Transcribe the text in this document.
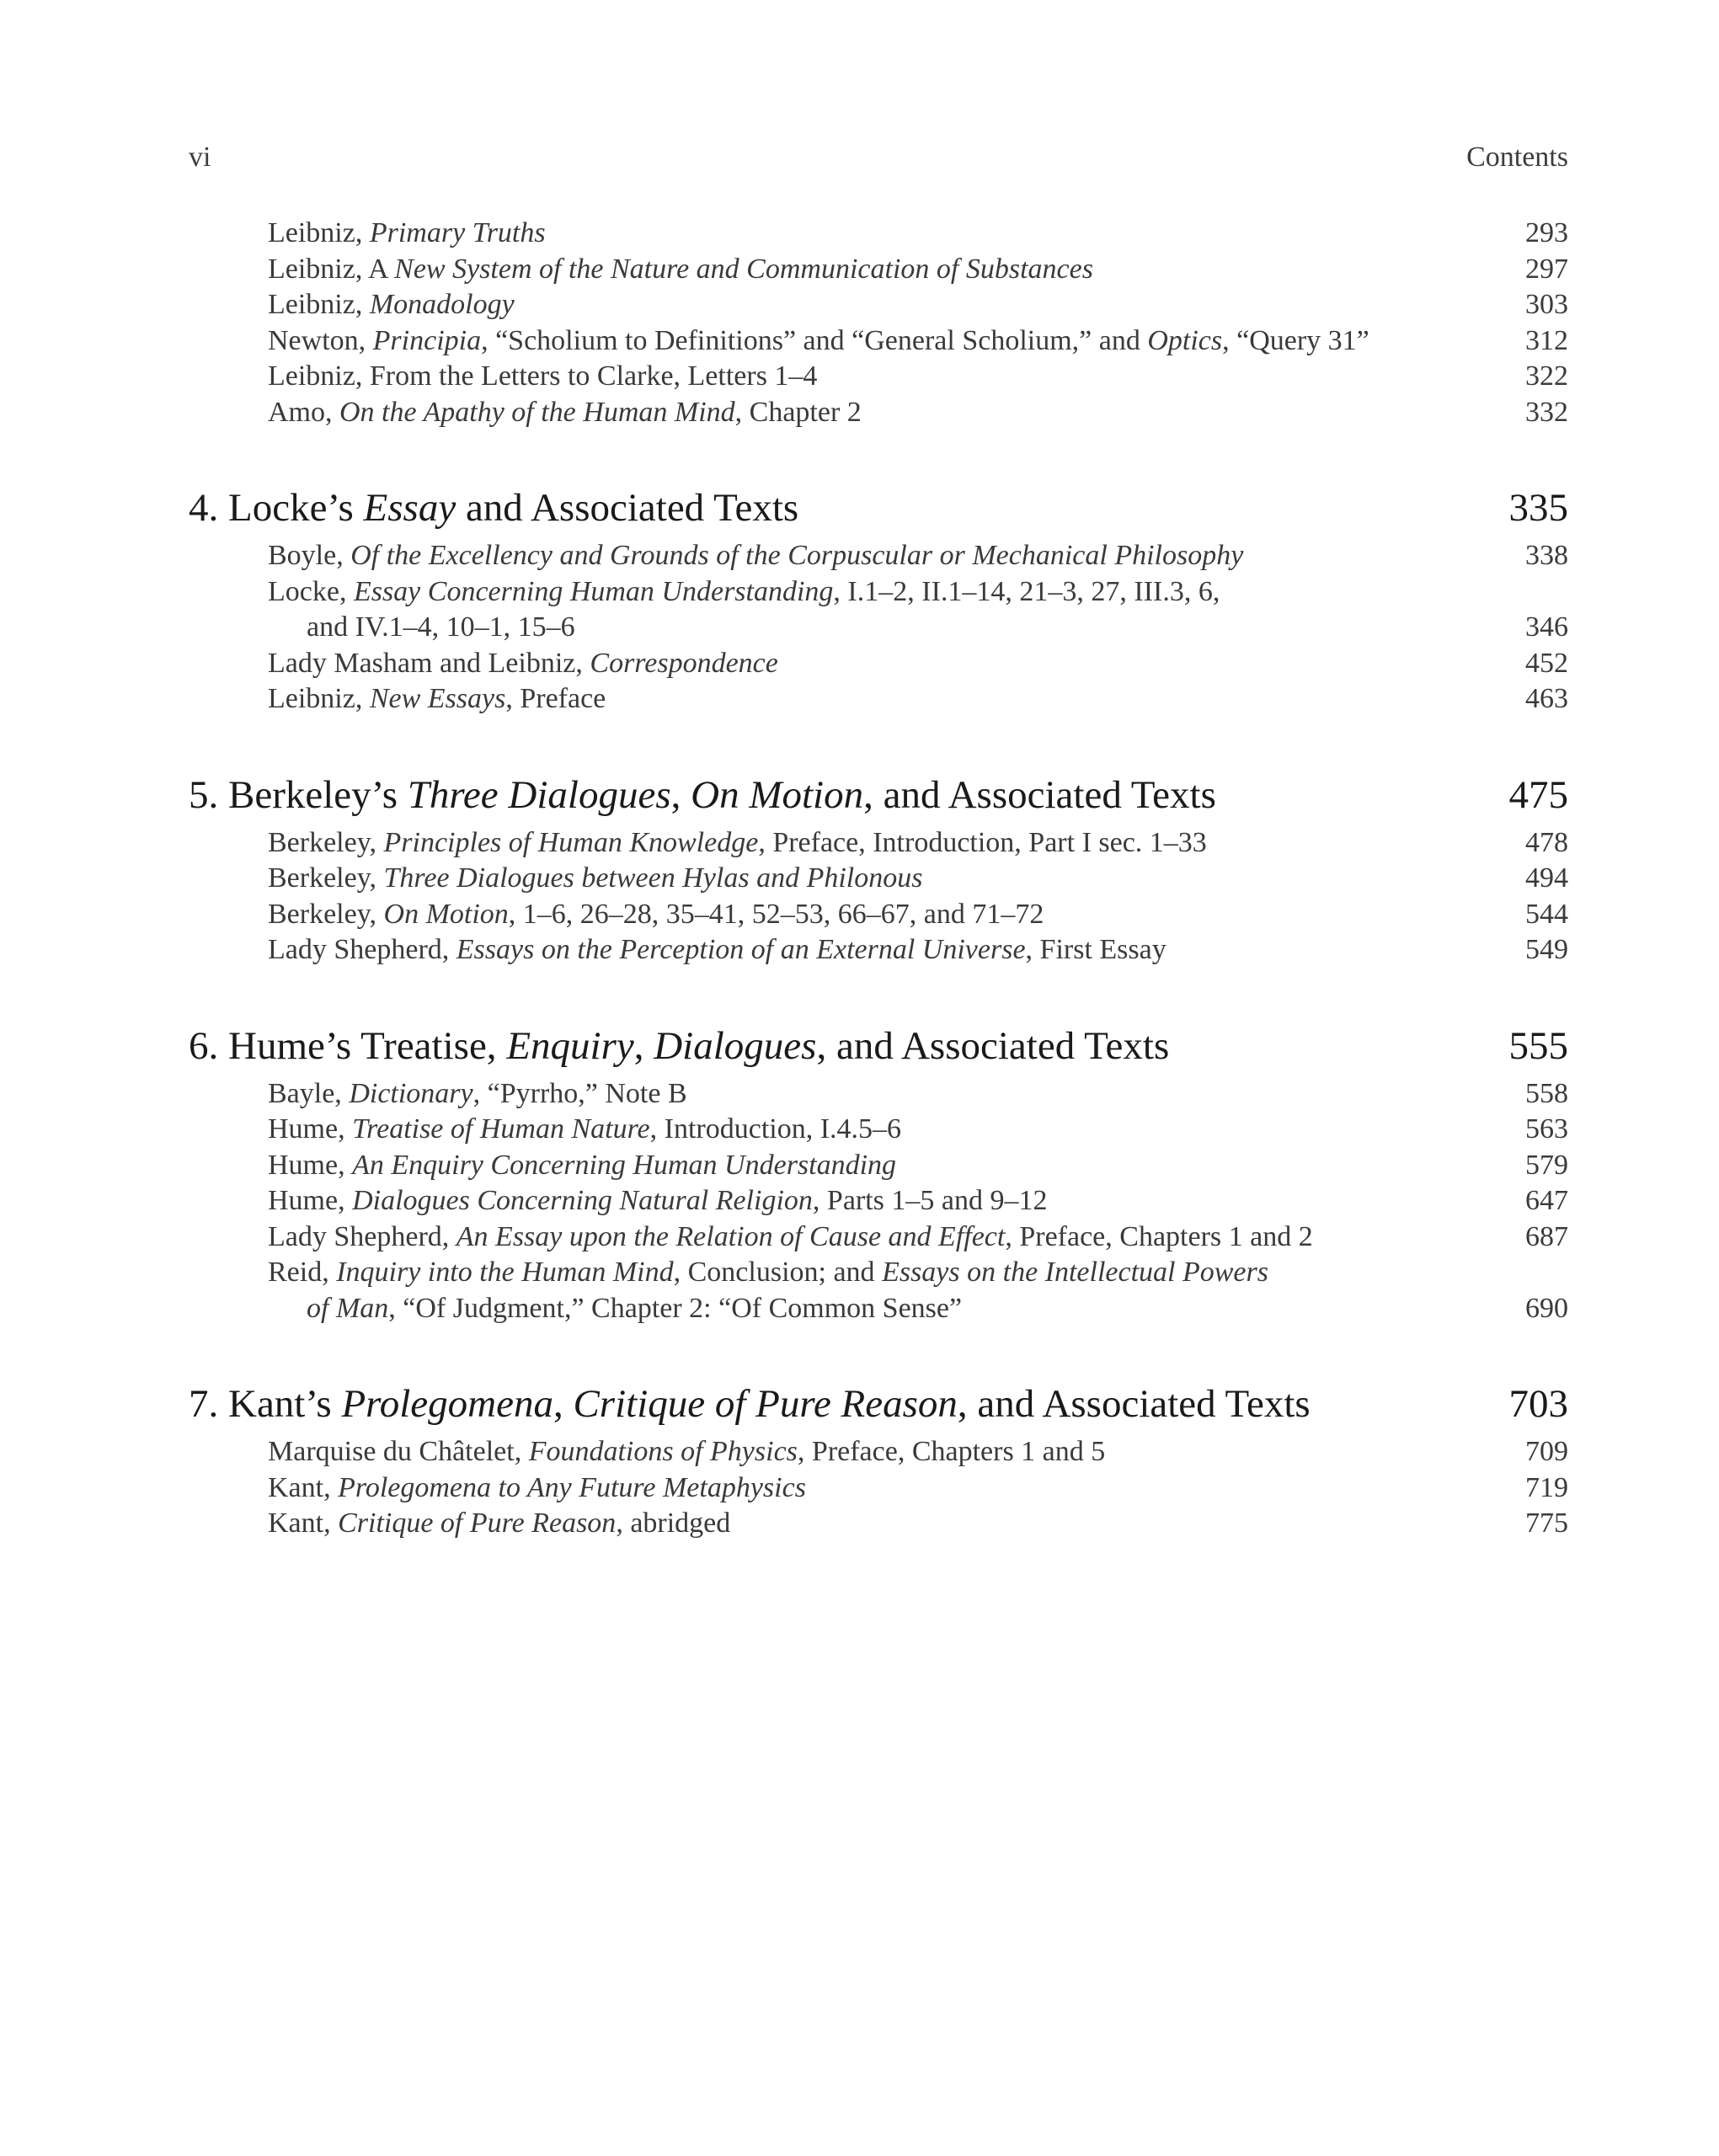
vi	Contents
Leibniz, Primary Truths	293
Leibniz, A New System of the Nature and Communication of Substances	297
Leibniz, Monadology	303
Newton, Principia, “Scholium to Definitions” and “General Scholium,” and Optics, “Query 31”	312
Leibniz, From the Letters to Clarke, Letters 1–4	322
Amo, On the Apathy of the Human Mind, Chapter 2	332
4. Locke’s Essay and Associated Texts	335
Boyle, Of the Excellency and Grounds of the Corpuscular or Mechanical Philosophy	338
Locke, Essay Concerning Human Understanding, I.1–2, II.1–14, 21–3, 27, III.3, 6,
and IV.1–4, 10–1, 15–6	346
Lady Masham and Leibniz, Correspondence	452
Leibniz, New Essays, Preface	463
5. Berkeley’s Three Dialogues, On Motion, and Associated Texts	475
Berkeley, Principles of Human Knowledge, Preface, Introduction, Part I sec. 1–33	478
Berkeley, Three Dialogues between Hylas and Philonous	494
Berkeley, On Motion, 1–6, 26–28, 35–41, 52–53, 66–67, and 71–72	544
Lady Shepherd, Essays on the Perception of an External Universe, First Essay	549
6. Hume’s Treatise, Enquiry, Dialogues, and Associated Texts	555
Bayle, Dictionary, “Pyrrho,” Note B	558
Hume, Treatise of Human Nature, Introduction, I.4.5–6	563
Hume, An Enquiry Concerning Human Understanding	579
Hume, Dialogues Concerning Natural Religion, Parts 1–5 and 9–12	647
Lady Shepherd, An Essay upon the Relation of Cause and Effect, Preface, Chapters 1 and 2	687
Reid, Inquiry into the Human Mind, Conclusion; and Essays on the Intellectual Powers
of Man, “Of Judgment,” Chapter 2: “Of Common Sense”	690
7. Kant’s Prolegomena, Critique of Pure Reason, and Associated Texts	703
Marquise du Châtelet, Foundations of Physics, Preface, Chapters 1 and 5	709
Kant, Prolegomena to Any Future Metaphysics	719
Kant, Critique of Pure Reason, abridged	775
